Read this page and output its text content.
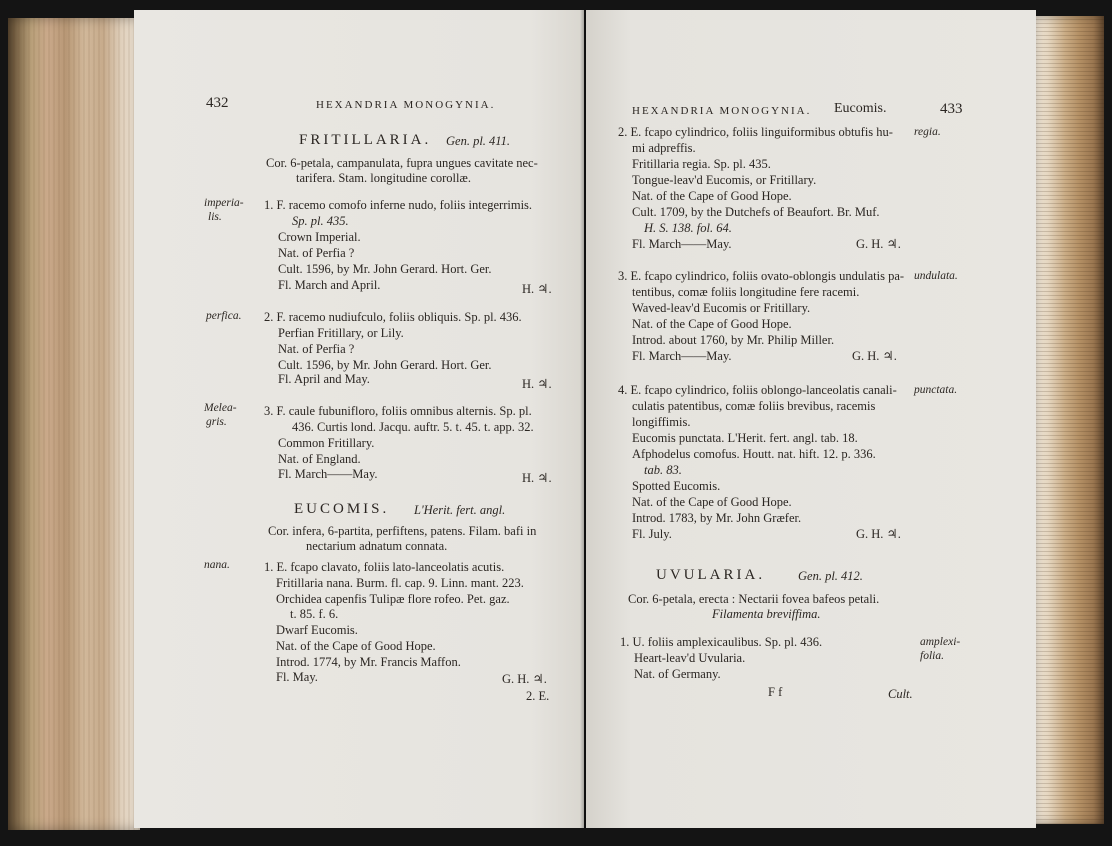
432	HEXANDRIA MONOGYNIA.
FRITILLARIA. Gen. pl. 411.
Cor. 6-petala, campanulata, fupra ungues cavitate nec-
tarifera. Stam. longitudine corollæ.
imperia-
lis.
1. F. racemo comofo inferne nudo, foliis integerrimis.
Sp. pl. 435.
Crown Imperial.
Nat. of Perfia ?
Cult. 1596, by Mr. John Gerard. Hort. Ger.
Fl. March and April.	H. ♃.
perfica. 2. F. racemo nudiufculo, foliis obliquis. Sp. pl. 436.
Perfian Fritillary, or Lily.
Nat. of Perfia ?
Cult. 1596, by Mr. John Gerard. Hort. Ger.
Fl. April and May.	H. ♃.
Melea-
gris.
3. F. caule fubunifloro, foliis omnibus alternis. Sp. pl.
436. Curtis lond. Jacqu. auftr. 5. t. 45. t. app. 32.
Common Fritillary.
Nat. of England.
Fl. March——May.	H. ♃.
EUCOMIS. L'Herit. fert. angl.
Cor. infera, 6-partita, perfiftens, patens. Filam. bafi in
nectarium adnatum connata.
nana.	1. E. fcapo clavato, foliis lato-lanceolatis acutis.
Fritillaria nana. Burm. fl. cap. 9. Linn. mant. 223.
Orchidea capenfis Tulipæ flore rofeo. Pet. gaz.
t. 85. f. 6.
Dwarf Eucomis.
Nat. of the Cape of Good Hope.
Introd. 1774, by Mr. Francis Maffon.
Fl. May.	G. H. ♃.
2. E.
HEXANDRIA MONOGYNIA. Eucomis.	433
2. E. fcapo cylindrico, foliis linguiformibus obtufis hu- regia.
mi adpreffis.
Fritillaria regia. Sp. pl. 435.
Tongue-leav'd Eucomis, or Fritillary.
Nat. of the Cape of Good Hope.
Cult. 1709, by the Dutchefs of Beaufort. Br. Muf.
H. S. 138. fol. 64.
Fl. March——May.	G. H. ♃.
3. E. fcapo cylindrico, foliis ovato-oblongis undulatis pa- undulata.
tentibus, comæ foliis longitudine fere racemi.
Waved-leav'd Eucomis or Fritillary.
Nat. of the Cape of Good Hope.
Introd. about 1760, by Mr. Philip Miller.
Fl. March——May.	G. H. ♃.
4. E. fcapo cylindrico, foliis oblongo-lanceolatis canali- punctata.
culatis patentibus, comæ foliis brevibus, racemis
longiffimis.
Eucomis punctata. L'Herit. fert. angl. tab. 18.
Afphodelus comofus. Houtt. nat. hift. 12. p. 336.
tab. 83.
Spotted Eucomis.
Nat. of the Cape of Good Hope.
Introd. 1783, by Mr. John Græfer.
Fl. July.	G. H. ♃.
UVULARIA.	Gen. pl. 412.
Cor. 6-petala, erecta : Nectarii fovea bafeos petali.
Filamenta breviffima.
1. U. foliis amplexicaulibus. Sp. pl. 436.	amplexi-
folia.
Heart-leav'd Uvularia.
Nat. of Germany.
F f	Cult.
